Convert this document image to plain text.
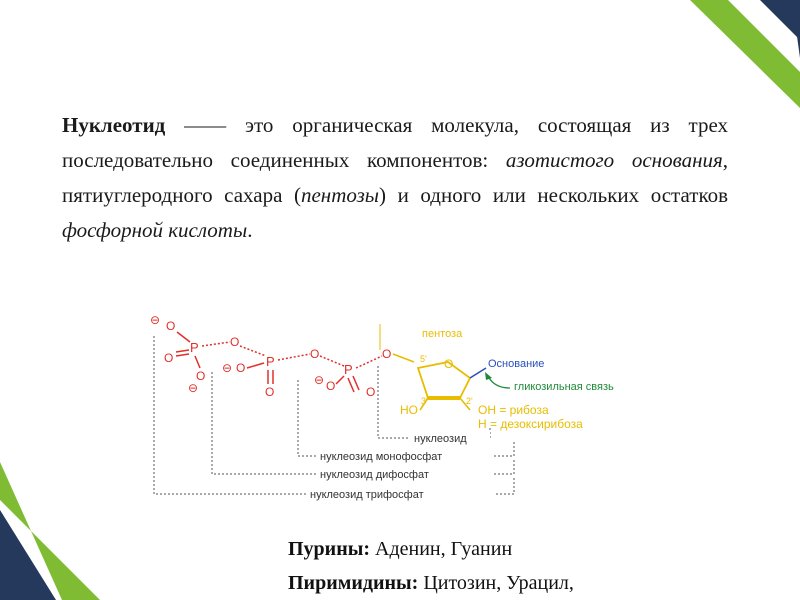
Нуклеотид —— это органическая молекула, состоящая из трех последовательно соединенных компонентов: азотистого основания, пятиуглеродного сахара (пентозы) и одного или нескольких остатков фосфорной кислоты.
⊖ O
P
O
O
⊖
O
P
⊖ O
O
O
P
⊖ O	O
O
пентоза
5' O
3'	2'
HO	OH = рибоза
H = дезоксирибоза
Основание
гликозильная связь
нуклеозид
нуклеозид монофосфат
нуклеозид дифосфат
нуклеозид трифосфат
Пурины: Аденин, Гуанин
Пиримидины: Цитозин, Урацил,
